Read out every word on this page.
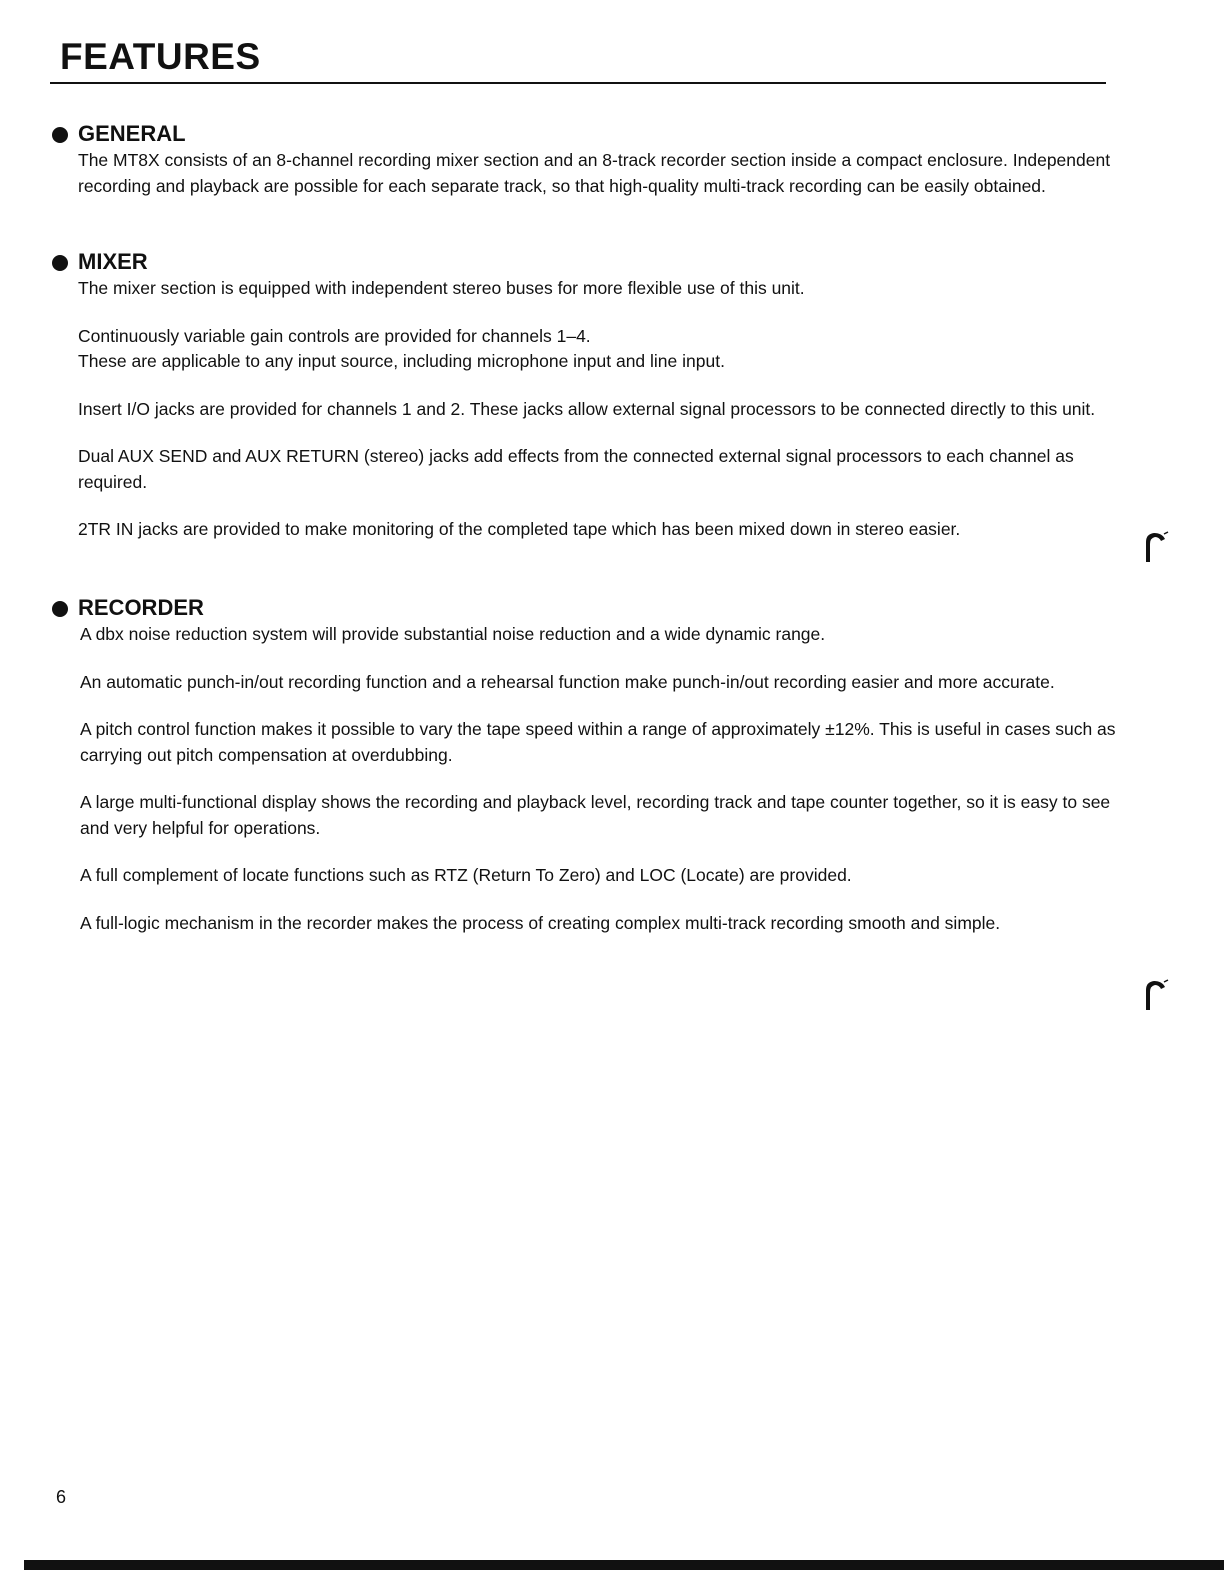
FEATURES
GENERAL

The MT8X consists of an 8-channel recording mixer section and an 8-track recorder section inside a compact enclosure. Independent recording and playback are possible for each separate track, so that high-quality multi-track recording can be easily obtained.

MIXER

The mixer section is equipped with independent stereo buses for more flexible use of this unit.

Continuously variable gain controls are provided for channels 1–4.

These are applicable to any input source, including microphone input and line input.

Insert I/O jacks are provided for channels 1 and 2. These jacks allow external signal processors to be connected directly to this unit.

Dual AUX SEND and AUX RETURN (stereo) jacks add effects from the connected external signal processors to each channel as required.

2TR IN jacks are provided to make monitoring of the completed tape which has been mixed down in stereo easier.

RECORDER

A dbx noise reduction system will provide substantial noise reduction and a wide dynamic range.

An automatic punch-in/out recording function and a rehearsal function make punch-in/out recording easier and more accurate.

A pitch control function makes it possible to vary the tape speed within a range of approximately ±12%. This is useful in cases such as carrying out pitch compensation at overdubbing.

A large multi-functional display shows the recording and playback level, recording track and tape counter together, so it is easy to see and very helpful for operations.

A full complement of locate functions such as RTZ (Return To Zero) and LOC (Locate) are provided.

A full-logic mechanism in the recorder makes the process of creating complex multi-track recording smooth and simple.

6
